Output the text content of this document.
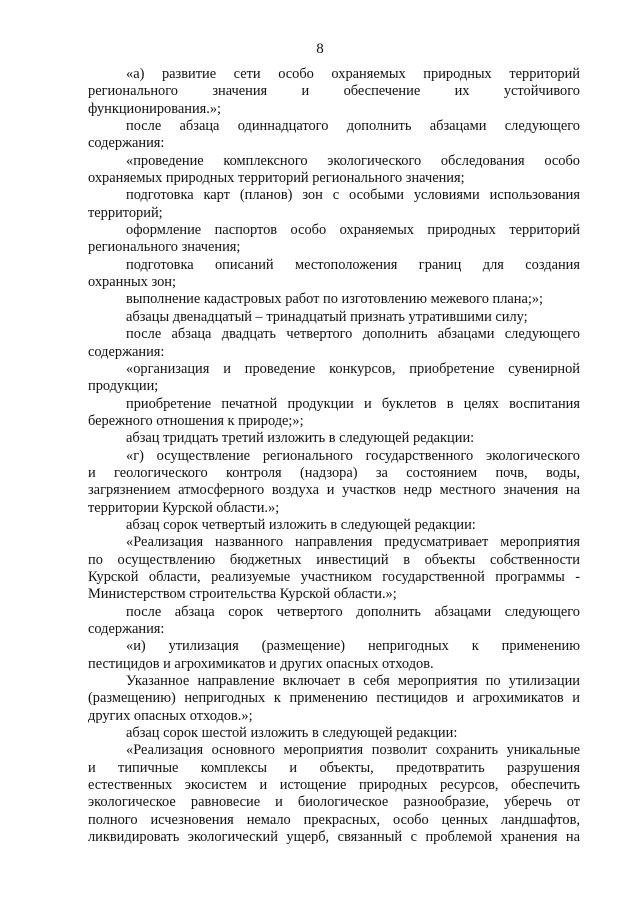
8
«а) развитие сети особо охраняемых природных территорий
регионального значения и обеспечение их устойчивого
функционирования.»;
после абзаца одиннадцатого дополнить абзацами следующего
содержания:
«проведение комплексного экологического обследования особо
охраняемых природных территорий регионального значения;
подготовка карт (планов) зон с особыми условиями использования
территорий;
оформление паспортов особо охраняемых природных территорий
регионального значения;
подготовка описаний местоположения границ для создания
охранных зон;
выполнение кадастровых работ по изготовлению межевого плана;»;
абзацы двенадцатый – тринадцатый признать утратившими силу;
после абзаца двадцать четвертого дополнить абзацами следующего
содержания:
«организация и проведение конкурсов, приобретение сувенирной
продукции;
приобретение печатной продукции и буклетов в целях воспитания
бережного отношения к природе;»;
абзац тридцать третий изложить в следующей редакции:
«г) осуществление регионального государственного экологического
и геологического контроля (надзора) за состоянием почв, воды,
загрязнением атмосферного воздуха и участков недр местного значения на
территории Курской области.»;
абзац сорок четвертый изложить в следующей редакции:
«Реализация названного направления предусматривает мероприятия
по осуществлению бюджетных инвестиций в объекты собственности
Курской области, реализуемые участником государственной программы -
Министерством строительства Курской области.»;
после абзаца сорок четвертого дополнить абзацами следующего
содержания:
«и) утилизация (размещение) непригодных к применению
пестицидов и агрохимикатов и других опасных отходов.
Указанное направление включает в себя мероприятия по утилизации
(размещению) непригодных к применению пестицидов и агрохимикатов и
других опасных отходов.»;
абзац сорок шестой изложить в следующей редакции:
«Реализация основного мероприятия позволит сохранить уникальные
и типичные комплексы и объекты, предотвратить разрушения
естественных экосистем и истощение природных ресурсов, обеспечить
экологическое равновесие и биологическое разнообразие, уберечь от
полного исчезновения немало прекрасных, особо ценных ландшафтов,
ликвидировать экологический ущерб, связанный с проблемой хранения на
